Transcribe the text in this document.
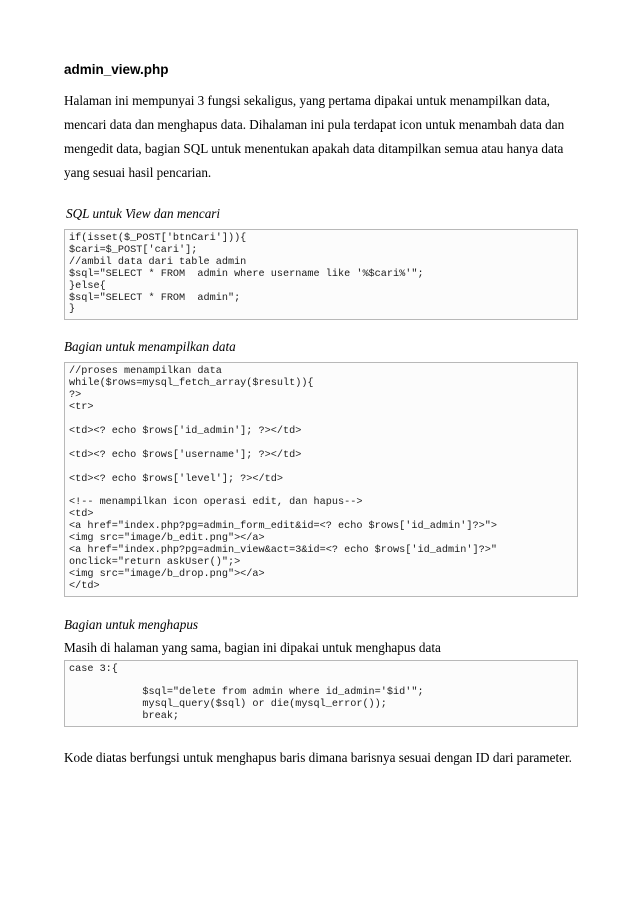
admin_view.php

Halaman ini mempunyai 3 fungsi sekaligus, yang pertama dipakai untuk menampilkan data, mencari data dan menghapus data. Dihalaman ini pula terdapat icon untuk menambah data dan mengedit data, bagian SQL untuk menentukan apakah data ditampilkan semua atau hanya data yang sesuai hasil pencarian.

SQL untuk View dan mencari

if(isset($_POST['btnCari'])){
$cari=$_POST['cari'];
//ambil data dari table admin
$sql="SELECT * FROM  admin where username like '%$cari%'";
}else{
$sql="SELECT * FROM  admin";
}

Bagian untuk menampilkan data

//proses menampilkan data
while($rows=mysql_fetch_array($result)){
?>
<tr>

<td><? echo $rows['id_admin']; ?></td>

<td><? echo $rows['username']; ?></td>

<td><? echo $rows['level']; ?></td>

<!-- menampilkan icon operasi edit, dan hapus-->
<td>
<a href="index.php?pg=admin_form_edit&id=<? echo $rows['id_admin']?>">
<img src="image/b_edit.png"></a>
<a href="index.php?pg=admin_view&act=3&id=<? echo $rows['id_admin']?>"
onclick="return askUser()";>
<img src="image/b_drop.png"></a>
</td>

Bagian untuk menghapus

Masih di halaman yang sama, bagian ini dipakai untuk menghapus data

case 3:{

$sql="delete from admin where id_admin='$id'";
mysql_query($sql) or die(mysql_error());
break;

Kode diatas berfungsi untuk menghapus baris dimana barisnya sesuai dengan ID dari parameter.
